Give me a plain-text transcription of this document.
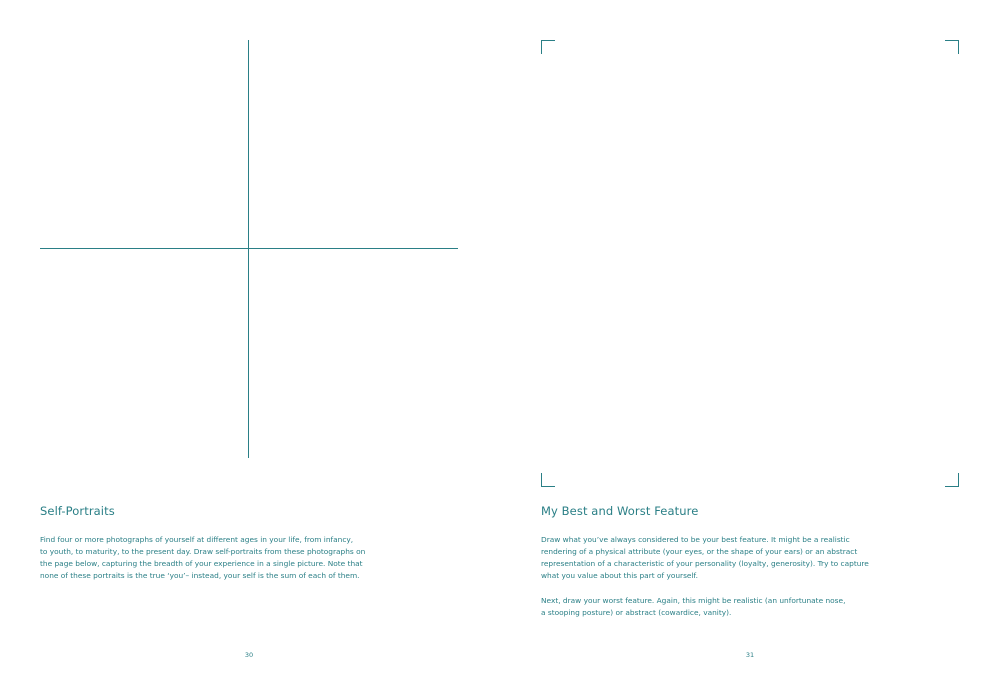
Self-Portraits
Find four or more photographs of yourself at different ages in your life, from infancy,
to youth, to maturity, to the present day. Draw self-portraits from these photographs on
the page below, capturing the breadth of your experience in a single picture. Note that
none of these portraits is the true ‘you’– instead, your self is the sum of each of them.
30
My Best and Worst Feature
Draw what you’ve always considered to be your best feature. It might be a realistic
rendering of a physical attribute (your eyes, or the shape of your ears) or an abstract
representation of a characteristic of your personality (loyalty, generosity). Try to capture
what you value about this part of yourself.
Next, draw your worst feature. Again, this might be realistic (an unfortunate nose,
a stooping posture) or abstract (cowardice, vanity).
31
